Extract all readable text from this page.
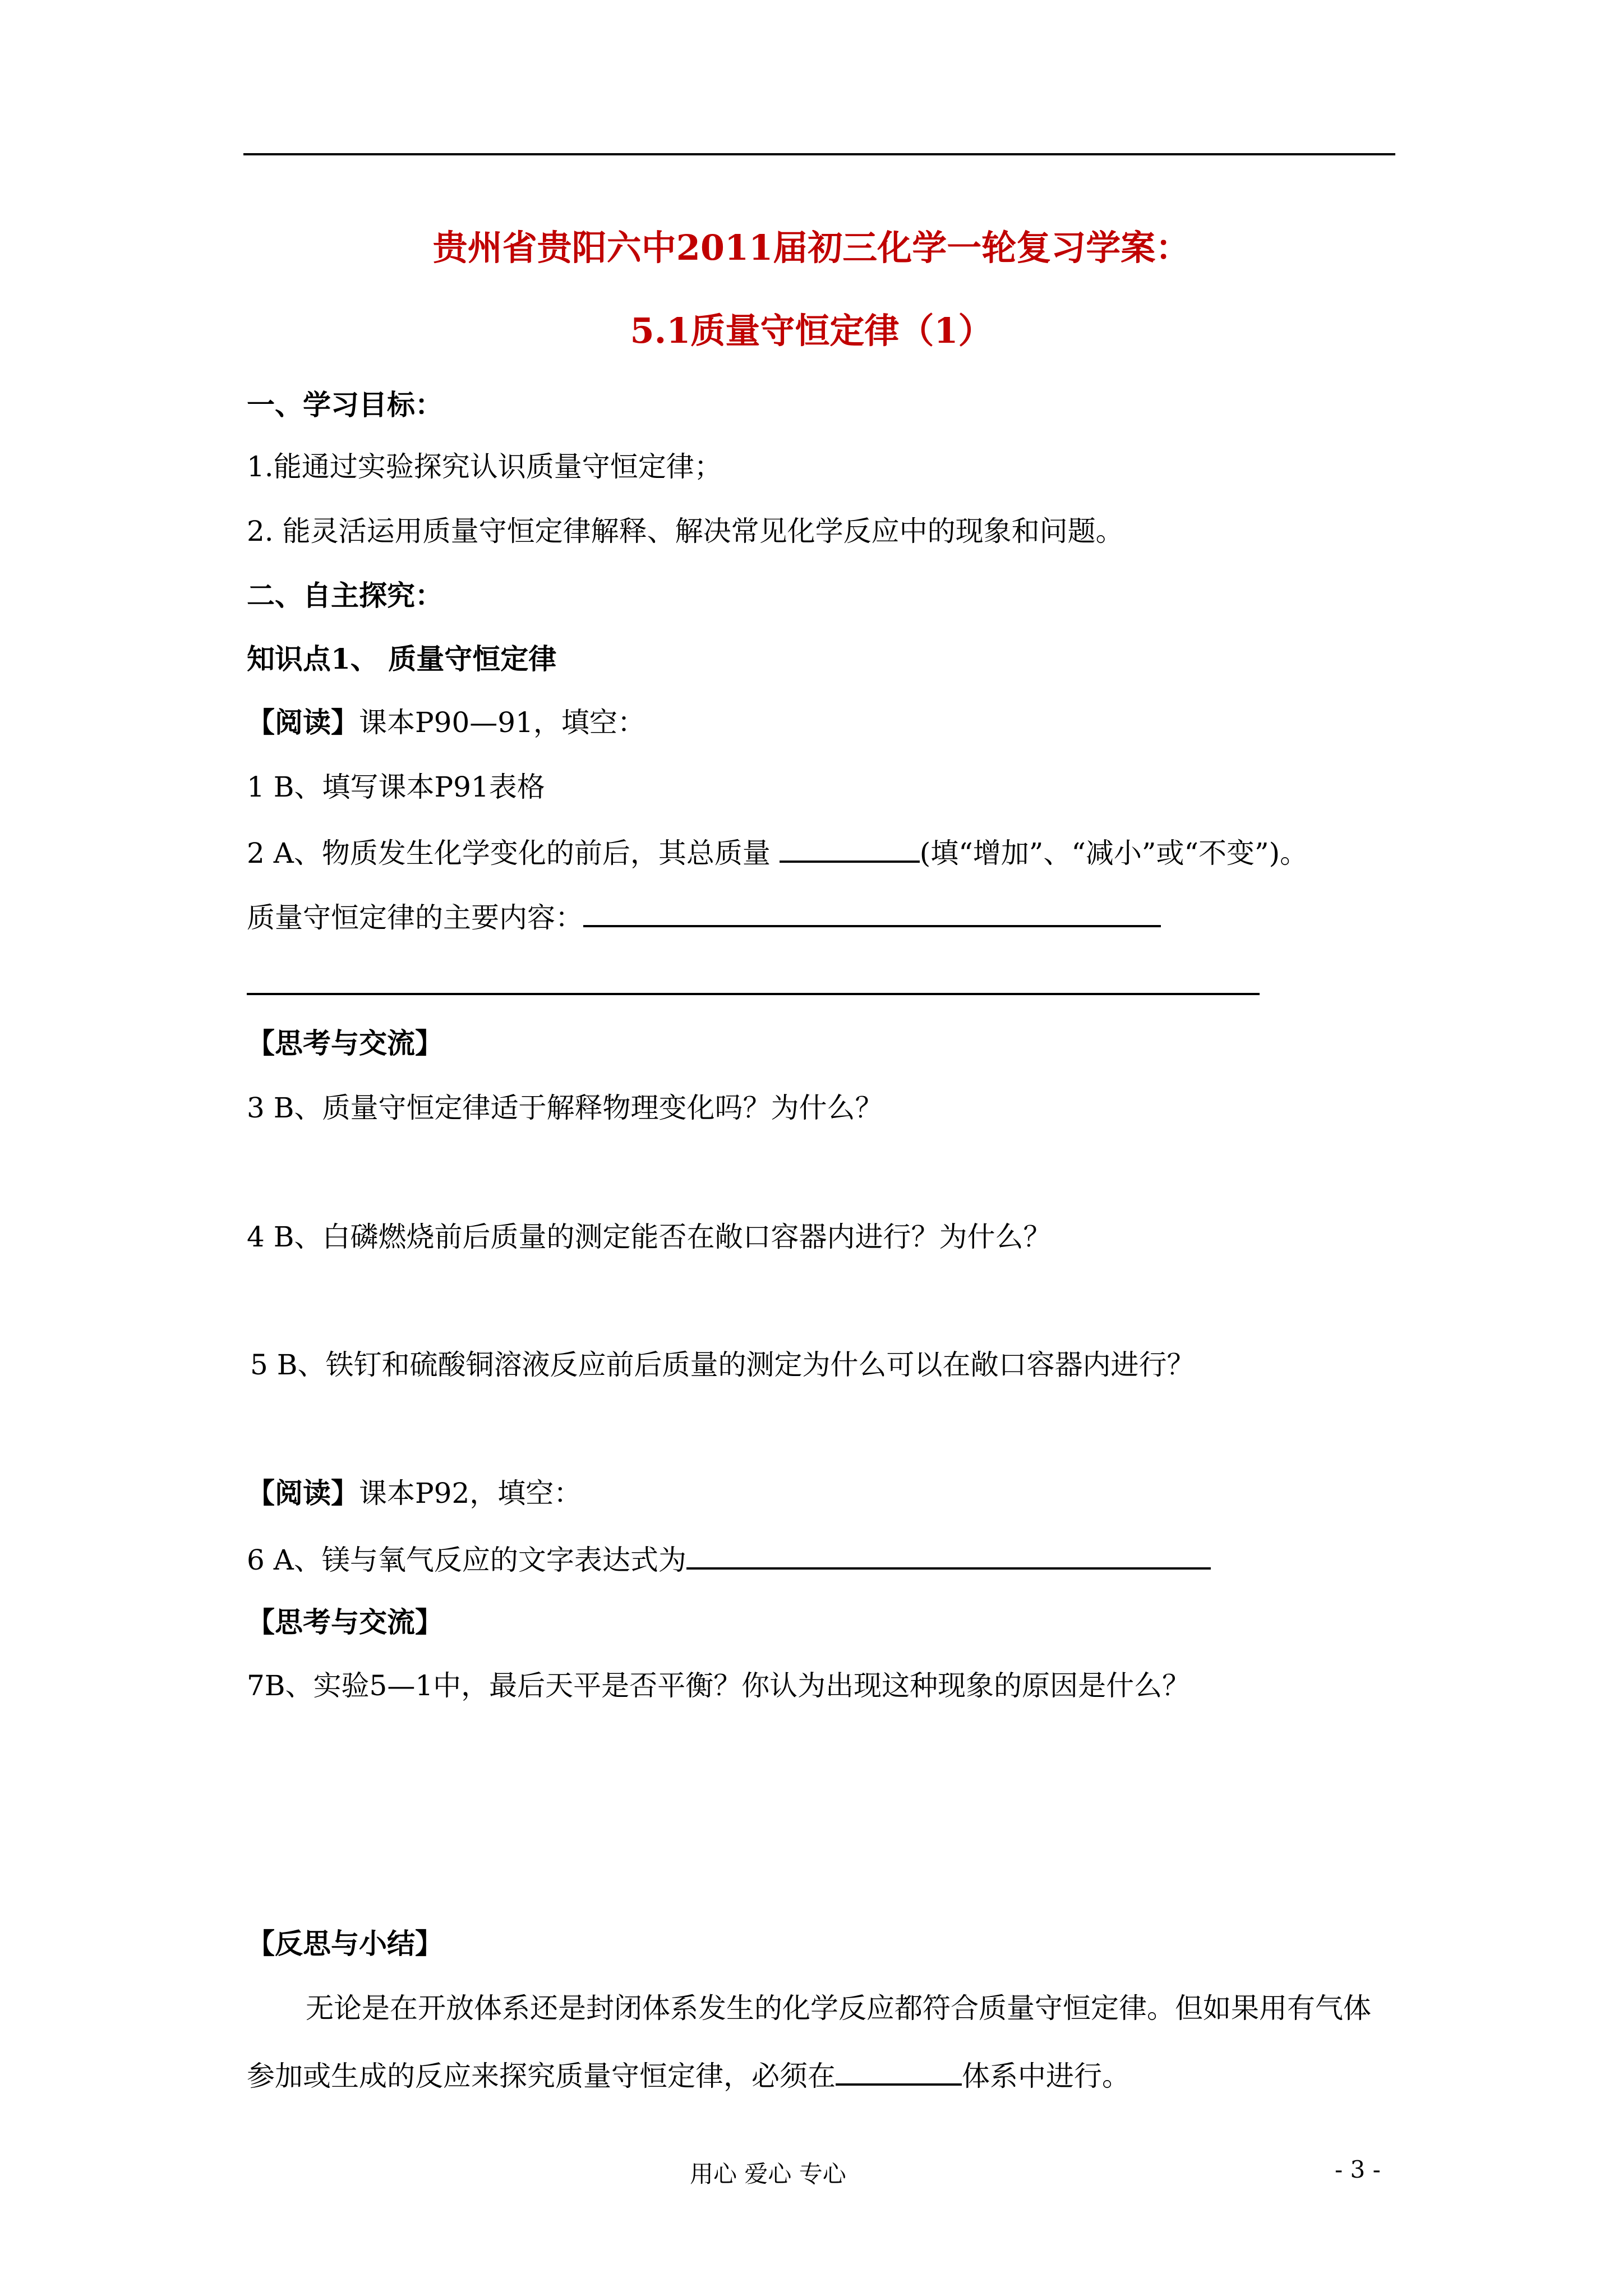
贵州省贵阳六中2011届初三化学一轮复习学案：
5.1质量守恒定律（1）
一、学习目标：
1.能通过实验探究认识质量守恒定律；
2. 能灵活运用质量守恒定律解释、解决常见化学反应中的现象和问题。
二、自主探究：
知识点1、 质量守恒定律
【阅读】课本P90—91，填空：
1 B、填写课本P91表格
2 A、物质发生化学变化的前后，其总质量	(填“增加”、“减小”或“不变”)。
质量守恒定律的主要内容：
【思考与交流】
3 B、质量守恒定律适于解释物理变化吗？为什么？
4 B、白磷燃烧前后质量的测定能否在敞口容器内进行？为什么？
5 B、铁钉和硫酸铜溶液反应前后质量的测定为什么可以在敞口容器内进行？
【阅读】课本P92，填空：
6 A、镁与氧气反应的文字表达式为
【思考与交流】
7B、实验5—1中，最后天平是否平衡？你认为出现这种现象的原因是什么？
【反思与小结】
无论是在开放体系还是封闭体系发生的化学反应都符合质量守恒定律。但如果用有气体
参加或生成的反应来探究质量守恒定律，必须在	体系中进行。
用心 爱心 专心	- 3 -
